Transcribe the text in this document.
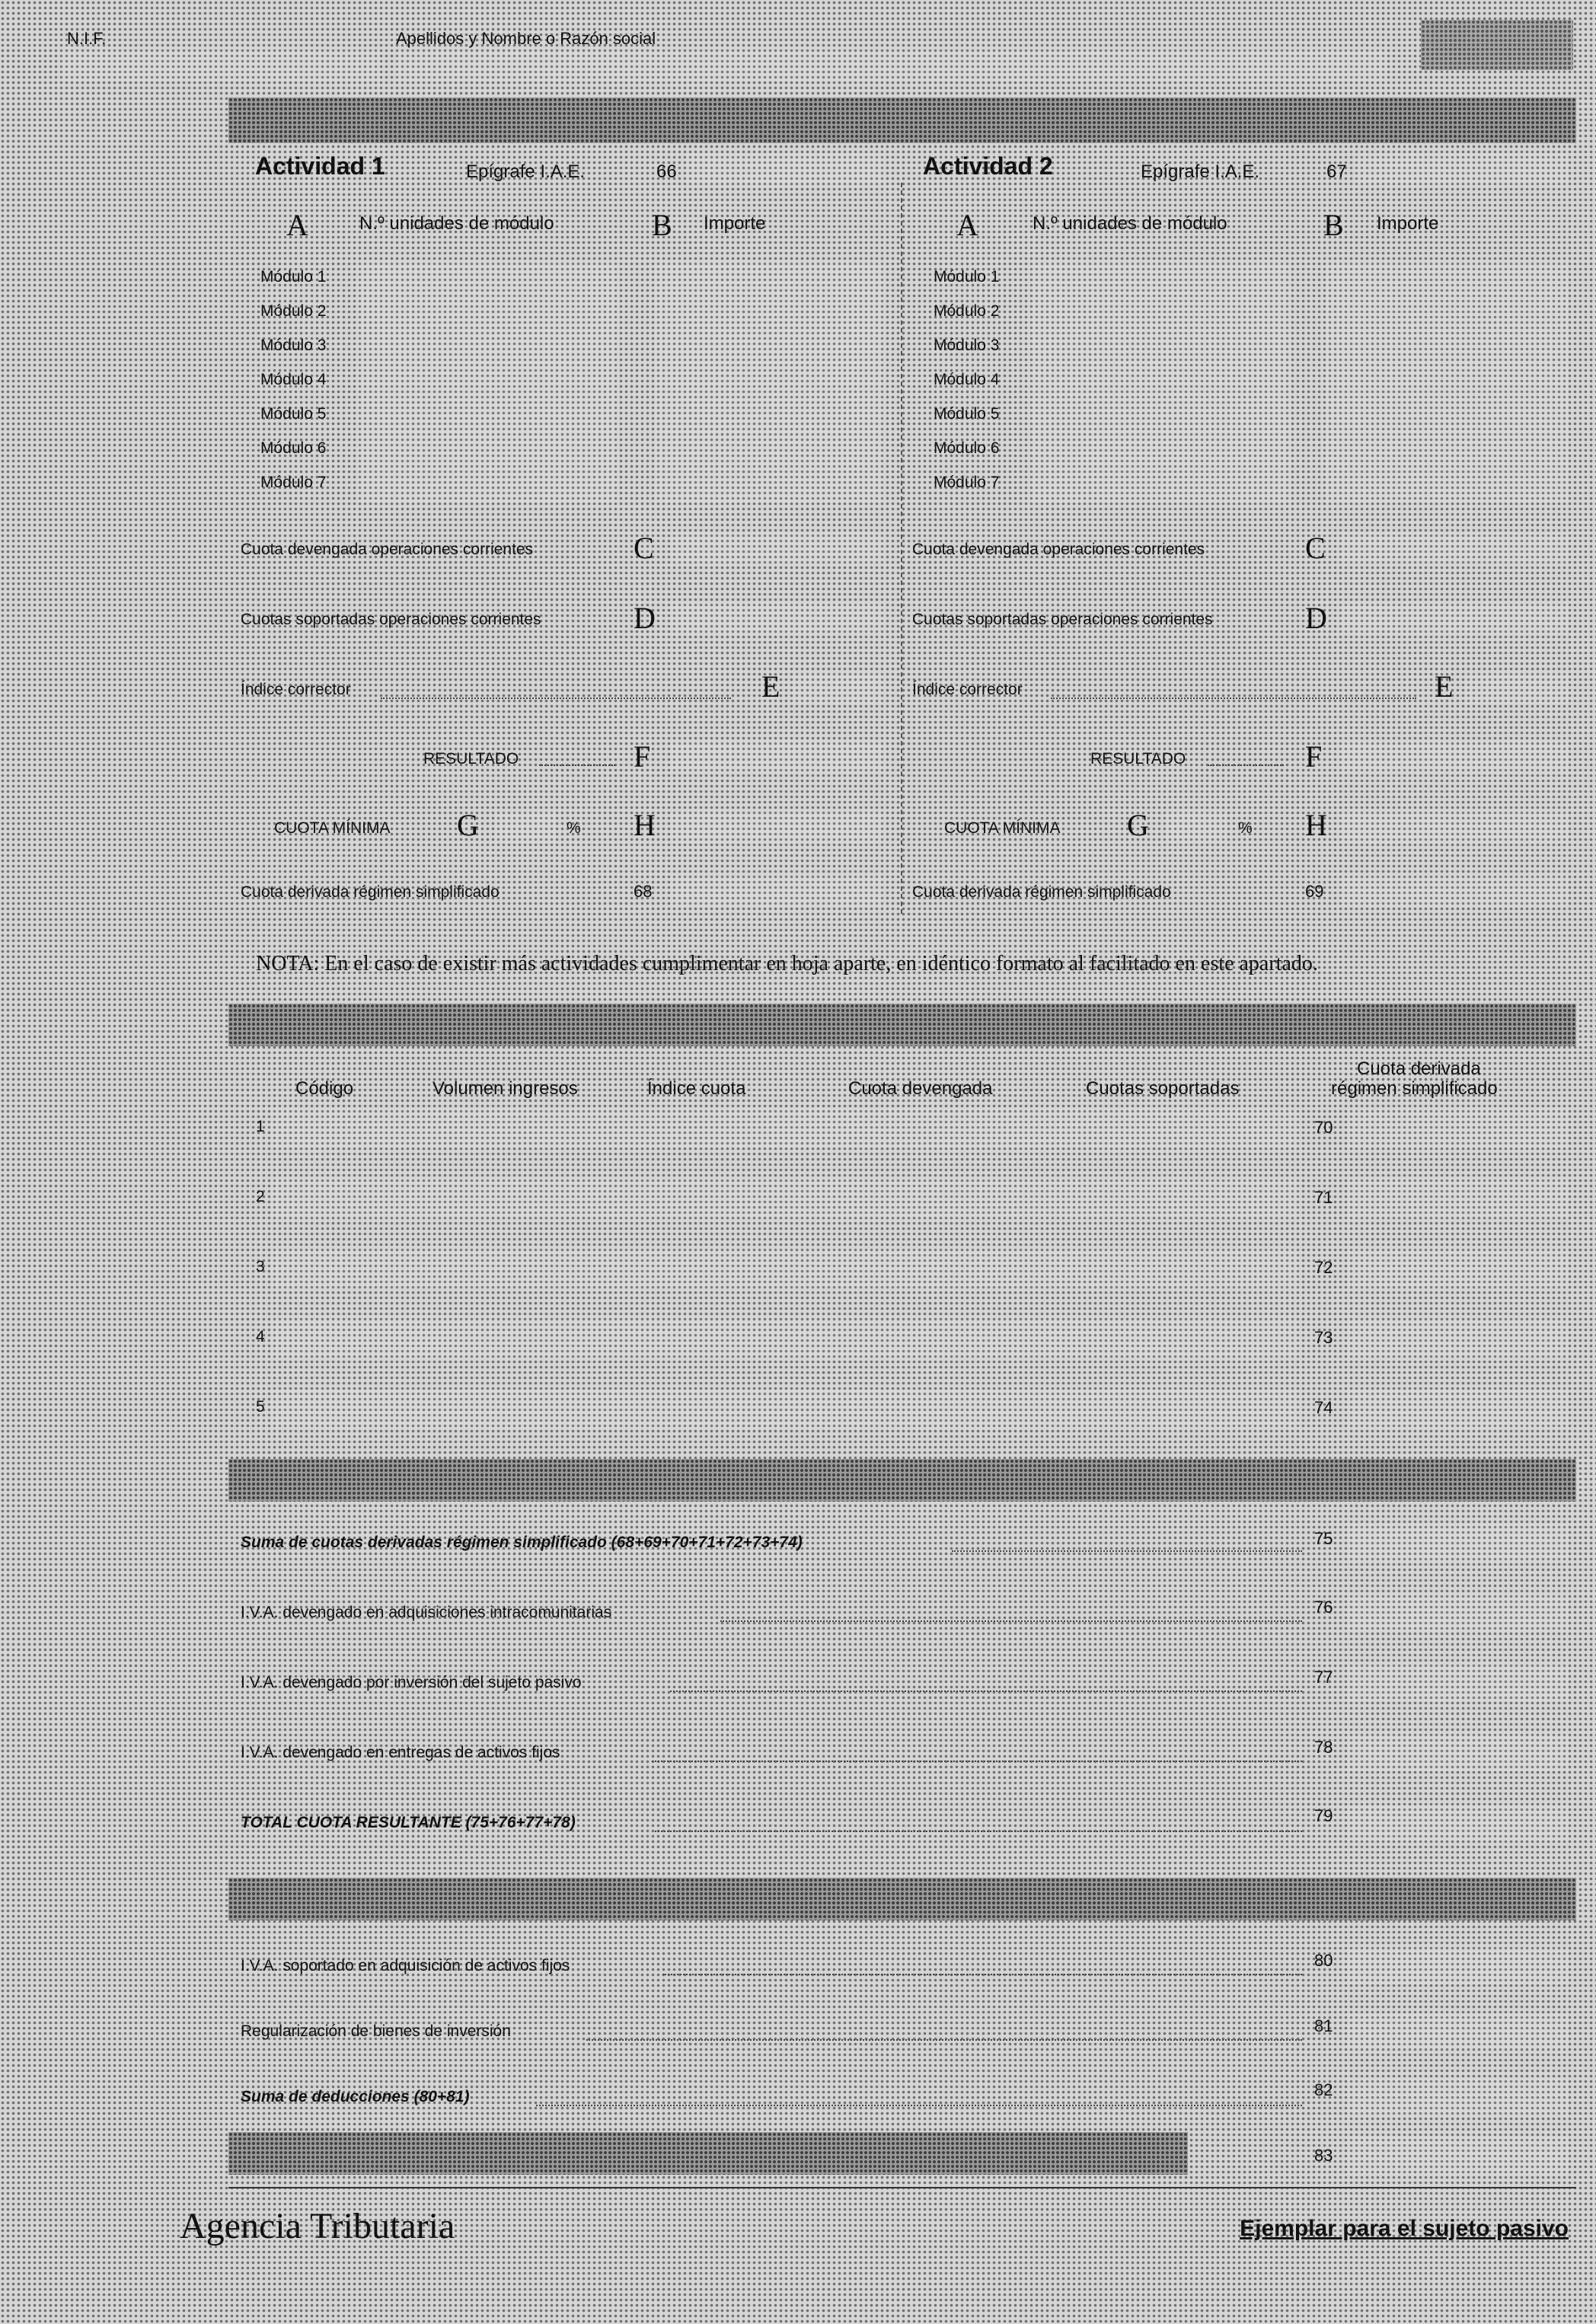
N.I.F.	Apellidos y Nombre o Razón social
Actividad 1	Epígrafe I.A.E.	66
A	N.º unidades de módulo	B Importe
Módulo 1
Módulo 2
Módulo 3
Módulo 4
Módulo 5
Módulo 6
Módulo 7
Cuota devengada operaciones corrientes	C
Cuotas soportadas operaciones corrientes	D
Índice corrector	E
RESULTADO	F
CUOTA MÍNIMA G	% H
Cuota derivada régimen simplificado	68
Actividad 2	Epígrafe I.A.E.	67
A	N.º unidades de módulo	B Importe
Módulo 1
Módulo 2
Módulo 3
Módulo 4
Módulo 5
Módulo 6
Módulo 7
Cuota devengada operaciones corrientes	C
Cuotas soportadas operaciones corrientes	D
Índice corrector	E
RESULTADO	F
CUOTA MÍNIMA G	% H
Cuota derivada régimen simplificado	69
NOTA: En el caso de existir más actividades cumplimentar en hoja aparte, en idéntico formato al facilitado en este apartado.
Código	Volumen ingresos	Índice cuota	Cuota devengada	Cuotas soportadas
Cuota derivada
régimen simplificado
1	70
2	71
3	72
4	73
5	74
Suma de cuotas derivadas régimen simplificado (68+69+70+71+72+73+74)	75
I.V.A. devengado en adquisiciones intracomunitarias	76
I.V.A. devengado por inversión del sujeto pasivo	77
I.V.A. devengado en entregas de activos fijos	78
TOTAL CUOTA RESULTANTE (75+76+77+78)	79
I.V.A. soportado en adquisición de activos fijos	80
Regularización de bienes de inversión	81
Suma de deducciones (80+81)	82
83
Agencia Tributaria	Ejemplar para el sujeto pasivo
